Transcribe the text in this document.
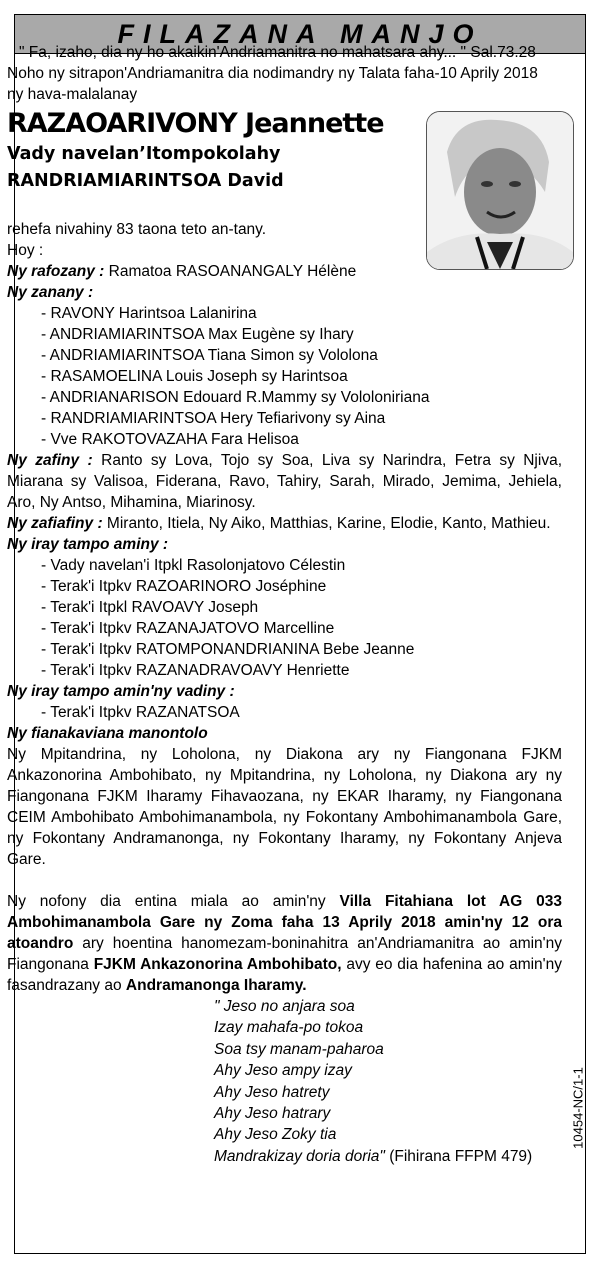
FILAZANA MANJO

" Fa, izaho, dia ny ho akaikin'Andriamanitra no mahatsara ahy... " Sal.73.28

Noho ny sitrapon'Andriamanitra dia nodimandry ny Talata faha-10 Aprily 2018

ny hava-malalanay

RAZAOARIVONY Jeannette
Vady navelan’Itompokolahy
RANDRIAMIARINTSOA David

rehefa nivahiny 83 taona teto an-tany.

Hoy :

Ny rafozany : Ramatoa RASOANANGALY Hélène

Ny zanany :

- RAVONY Harintsoa Lalanirina

- ANDRIAMIARINTSOA Max Eugène sy Ihary

- ANDRIAMIARINTSOA Tiana Simon sy Vololona

- RASAMOELINA Louis Joseph sy Harintsoa

- ANDRIANARISON Edouard R.Mammy sy Vololoniriana

- RANDRIAMIARINTSOA Hery Tefiarivony sy Aina

- Vve RAKOTOVAZAHA Fara Helisoa

Ny zafiny : Ranto sy Lova, Tojo sy Soa, Liva sy Narindra, Fetra sy Njiva, Miarana sy Valisoa, Fiderana, Ravo, Tahiry, Sarah, Mirado, Jemima, Jehiela, Aro, Ny Antso, Mihamina, Miarinosy.

Ny zafiafiny : Miranto, Itiela, Ny Aiko, Matthias, Karine, Elodie, Kanto, Mathieu.

Ny iray tampo aminy :

- Vady navelan'i Itpkl Rasolonjatovo Célestin

- Terak'i Itpkv RAZOARINORO Joséphine

- Terak'i Itpkl RAVOAVY Joseph

- Terak'i Itpkv RAZANAJATOVO Marcelline

- Terak'i Itpkv RATOMPONANDRIANINA Bebe Jeanne

- Terak'i Itpkv RAZANADRAVOAVY Henriette

Ny iray tampo amin'ny vadiny :

- Terak'i Itpkv RAZANATSOA

Ny fianakaviana manontolo

Ny Mpitandrina, ny Loholona, ny Diakona ary ny Fiangonana FJKM Ankazonorina Ambohibato, ny Mpitandrina, ny Loholona, ny Diakona ary ny Fiangonana FJKM Iharamy Fihavaozana, ny EKAR Iharamy, ny Fiangonana CEIM Ambohibato Ambohimanambola, ny Fokontany Ambohimanambola Gare, ny Fokontany Andramanonga, ny Fokontany Iharamy, ny Fokontany Anjeva Gare.

Ny nofony dia entina miala ao amin'ny Villa Fitahiana lot AG 033 Ambohimanambola Gare ny Zoma faha 13 Aprily 2018 amin'ny 12 ora atoandro ary hoentina hanomezam-boninahitra an'Andriamanitra ao amin'ny Fiangonana FJKM Ankazonorina Ambohibato, avy eo dia hafenina ao amin'ny fasandrazany ao Andramanonga Iharamy.

" Jeso no anjara soa

Izay mahafa-po tokoa

Soa tsy manam-paharoa

Ahy Jeso ampy izay

Ahy Jeso hatrety

Ahy Jeso hatrary

Ahy Jeso Zoky tia

Mandrakizay doria doria" (Fihirana FFPM 479)

10454-NC/1-1
